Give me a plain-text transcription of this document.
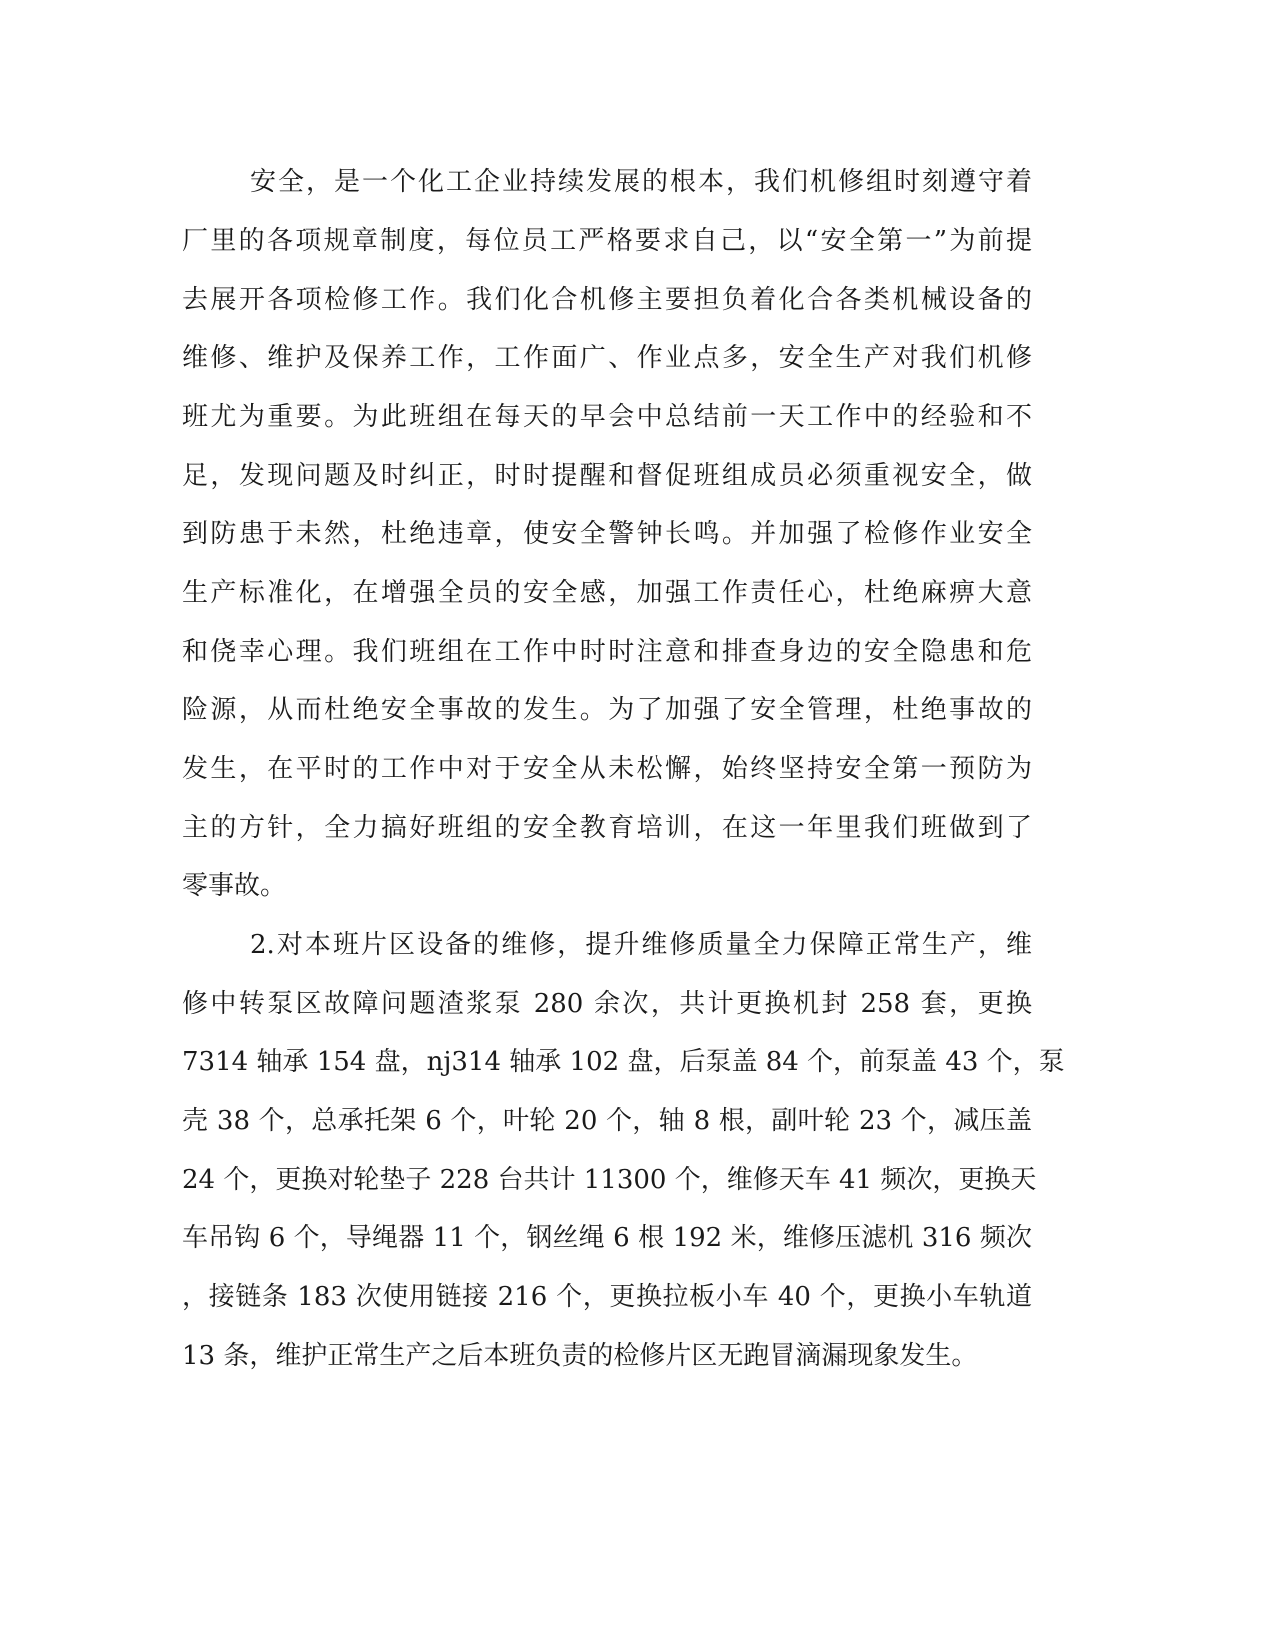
安全，是一个化工企业持续发展的根本，我们机修组时刻遵守着
厂里的各项规章制度，每位员工严格要求自己，以“安全第一”为前提
去展开各项检修工作。我们化合机修主要担负着化合各类机械设备的
维修、维护及保养工作，工作面广、作业点多，安全生产对我们机修
班尤为重要。为此班组在每天的早会中总结前一天工作中的经验和不
足，发现问题及时纠正，时时提醒和督促班组成员必须重视安全，做
到防患于未然，杜绝违章，使安全警钟长鸣。并加强了检修作业安全
生产标准化，在增强全员的安全感，加强工作责任心，杜绝麻痹大意
和侥幸心理。我们班组在工作中时时注意和排查身边的安全隐患和危
险源，从而杜绝安全事故的发生。为了加强了安全管理，杜绝事故的
发生，在平时的工作中对于安全从未松懈，始终坚持安全第一预防为
主的方针，全力搞好班组的安全教育培训，在这一年里我们班做到了
零事故。
2.对本班片区设备的维修，提升维修质量全力保障正常生产，维
修中转泵区故障问题渣浆泵 280 余次，共计更换机封 258 套，更换
7314 轴承 154 盘，nj314 轴承 102 盘，后泵盖 84 个，前泵盖 43 个，泵
壳 38 个，总承托架 6 个，叶轮 20 个，轴 8 根，副叶轮 23 个，减压盖
24 个，更换对轮垫子 228 台共计 11300 个，维修天车 41 频次，更换天
车吊钩 6 个，导绳器 11 个，钢丝绳 6 根 192 米，维修压滤机 316 频次
，接链条 183 次使用链接 216 个，更换拉板小车 40 个，更换小车轨道
13 条，维护正常生产之后本班负责的检修片区无跑冒滴漏现象发生。
